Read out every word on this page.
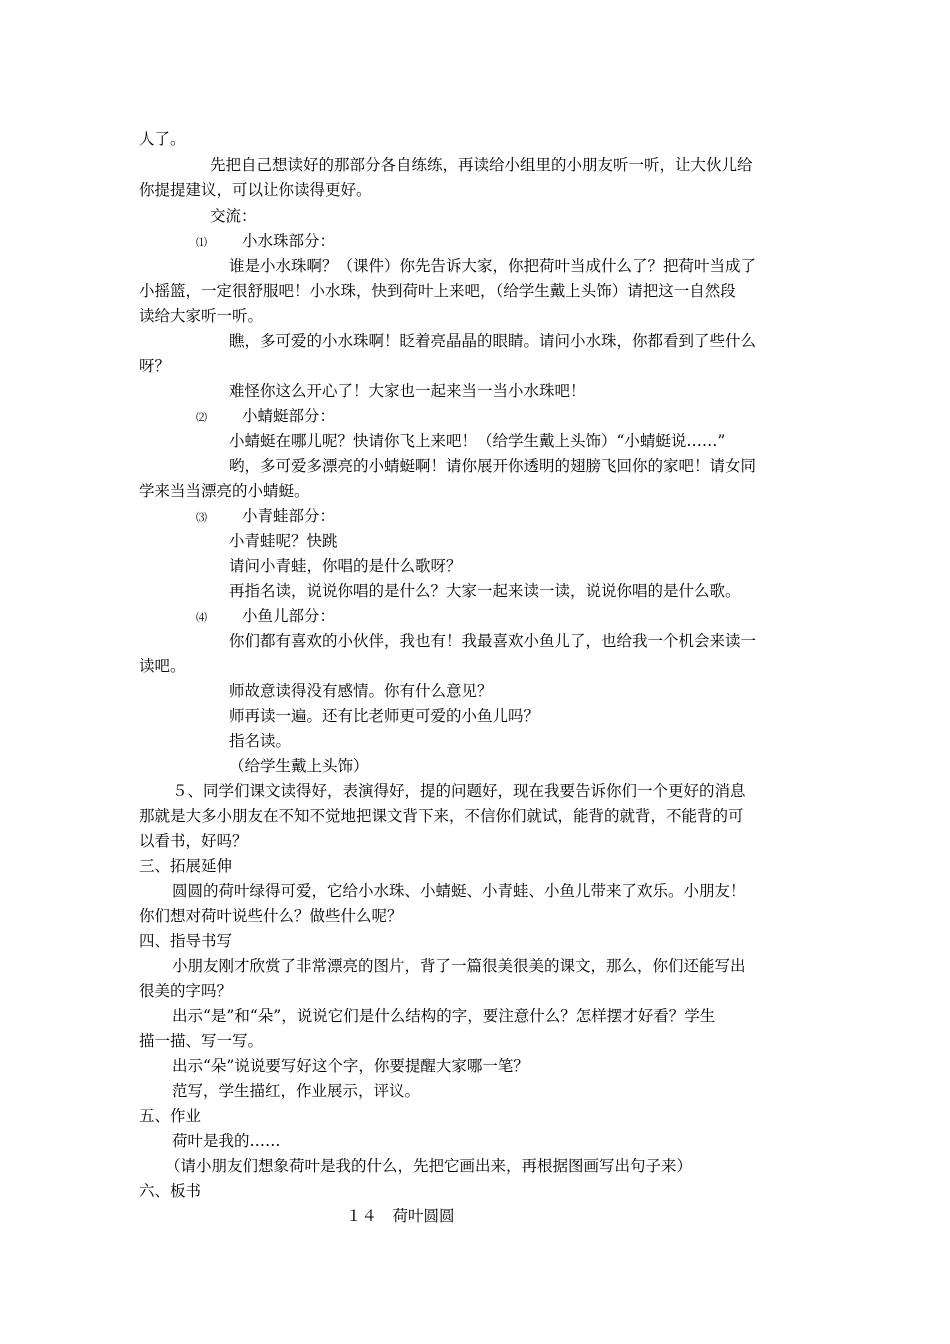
人了。
先把自己想读好的那部分各自练练，再读给小组里的小朋友听一听，让大伙儿给
你提提建议，可以让你读得更好。
交流：
⑴ 小水珠部分：
谁是小水珠啊？（课件）你先告诉大家，你把荷叶当成什么了？把荷叶当成了
小摇篮，一定很舒服吧！小水珠，快到荷叶上来吧，（给学生戴上头饰）请把这一自然段
读给大家听一听。
瞧，多可爱的小水珠啊！眨着亮晶晶的眼睛。请问小水珠，你都看到了些什么
呀？
难怪你这么开心了！大家也一起来当一当小水珠吧！
⑵ 小蜻蜓部分：
小蜻蜓在哪儿呢？快请你飞上来吧！（给学生戴上头饰）“小蜻蜓说……”
哟，多可爱多漂亮的小蜻蜓啊！请你展开你透明的翅膀飞回你的家吧！请女同
学来当当漂亮的小蜻蜓。
⑶ 小青蛙部分：
小青蛙呢？快跳
请问小青蛙，你唱的是什么歌呀？
再指名读，说说你唱的是什么？大家一起来读一读，说说你唱的是什么歌。
⑷ 小鱼儿部分：
你们都有喜欢的小伙伴，我也有！我最喜欢小鱼儿了，也给我一个机会来读一
读吧。
师故意读得没有感情。你有什么意见？
师再读一遍。还有比老师更可爱的小鱼儿吗？
指名读。
（给学生戴上头饰）
５、同学们课文读得好，表演得好，提的问题好，现在我要告诉你们一个更好的消息
那就是大多小朋友在不知不觉地把课文背下来，不信你们就试，能背的就背，不能背的可
以看书，好吗？
三、拓展延伸
圆圆的荷叶绿得可爱，它给小水珠、小蜻蜓、小青蛙、小鱼儿带来了欢乐。小朋友！
你们想对荷叶说些什么？做些什么呢？
四、指导书写
小朋友刚才欣赏了非常漂亮的图片，背了一篇很美很美的课文，那么，你们还能写出
很美的字吗？
出示“是”和“朵”，说说它们是什么结构的字，要注意什么？怎样摆才好看？学生
描一描、写一写。
出示“朵”说说要写好这个字，你要提醒大家哪一笔？
范写，学生描红，作业展示，评议。
五、作业
荷叶是我的……
（请小朋友们想象荷叶是我的什么，先把它画出来，再根据图画写出句子来）
六、板书
１４　荷叶圆圆
